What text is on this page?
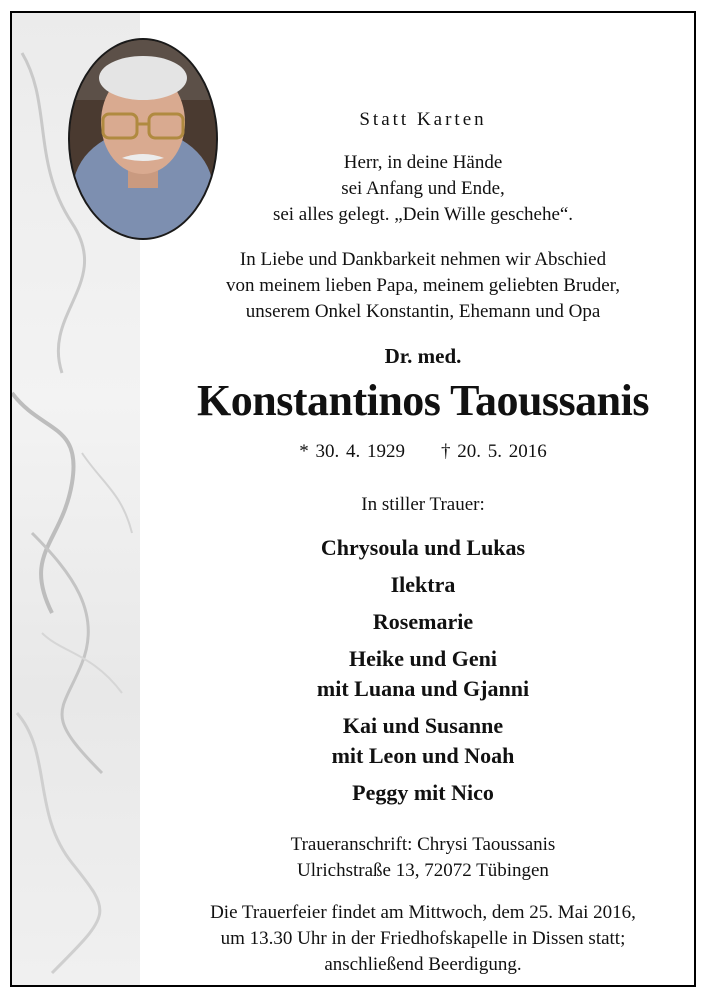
Statt Karten
Herr, in deine Hände
sei Anfang und Ende,
sei alles gelegt. „Dein Wille geschehe“.
In Liebe und Dankbarkeit nehmen wir Abschied
von meinem lieben Papa, meinem geliebten Bruder,
unserem Onkel Konstantin, Ehemann und Opa
Dr. med.
Konstantinos Taoussanis
* 30. 4. 1929 † 20. 5. 2016
In stiller Trauer:
Chrysoula und Lukas
Ilektra
Rosemarie
Heike und Geni
mit Luana und Gjanni
Kai und Susanne
mit Leon und Noah
Peggy mit Nico
Traueranschrift: Chrysi Taoussanis
Ulrichstraße 13, 72072 Tübingen
Die Trauerfeier findet am Mittwoch, dem 25. Mai 2016,
um 13.30 Uhr in der Friedhofskapelle in Dissen statt;
anschließend Beerdigung.
